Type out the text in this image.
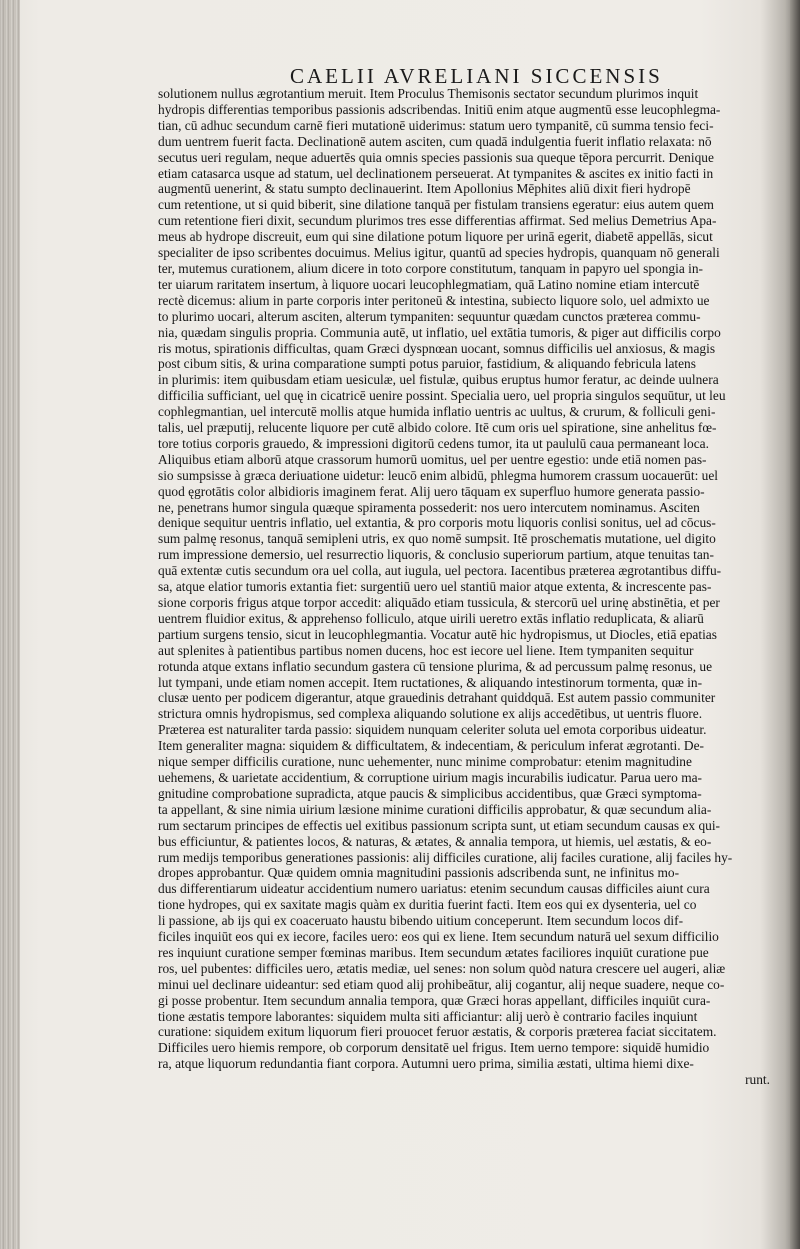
CAELII AVRELIANI SICCENSIS
solutionem nullus ægrotantium meruit. Item Proculus Themisonis sectator secundum plurimos inquit
hydropis differentias temporibus passionis adscribendas. Initiū enim atque augmentū esse leucophlegma-
tian, cū adhuc secundum carnē fieri mutationē uiderimus: statum uero tympanitē, cū summa tensio feci-
dum uentrem fuerit facta. Declinationē autem asciten, cum quadā indulgentia fuerit inflatio relaxata: nō
secutus ueri regulam, neque aduertēs quia omnis species passionis sua queque tēpora percurrit. Denique
etiam catasarca usque ad statum, uel declinationem perseuerat. At tympanites & ascites ex initio facti in
augmentū uenerint, & statu sumpto declinauerint. Item Apollonius Mēphites aliū dixit fieri hydropē
cum retentione, ut si quid biberit, sine dilatione tanquā per fistulam transiens egeratur: eius autem quem
cum retentione fieri dixit, secundum plurimos tres esse differentias affirmat. Sed melius Demetrius Apa-
meus ab hydrope discreuit, eum qui sine dilatione potum liquore per urinā egerit, diabetē appellās, sicut
specialiter de ipso scribentes docuimus. Melius igitur, quantū ad species hydropis, quanquam nō generali
ter, mutemus curationem, alium dicere in toto corpore constitutum, tanquam in papyro uel spongia in-
ter uiarum raritatem insertum, à liquore uocari leucophlegmatiam, quā Latino nomine etiam intercutē
rectè dicemus: alium in parte corporis inter peritoneū & intestina, subiecto liquore solo, uel admixto ue
to plurimo uocari, alterum asciten, alterum tympaniten: sequuntur quædam cunctos præterea commu-
nia, quædam singulis propria. Communia autē, ut inflatio, uel extātia tumoris, & piger aut difficilis corpo
ris motus, spirationis difficultas, quam Græci dyspnœan uocant, somnus difficilis uel anxiosus, & magis
post cibum sitis, & urina comparatione sumpti potus paruior, fastidium, & aliquando febricula latens
in plurimis: item quibusdam etiam uesiculæ, uel fistulæ, quibus eruptus humor feratur, ac deinde uulnera
difficilia sufficiant, uel quę in cicatricē uenire possint. Specialia uero, uel propria singulos sequūtur, ut leu
cophlegmantian, uel intercutē mollis atque humida inflatio uentris ac uultus, & crurum, & folliculi geni-
talis, uel præputij, relucente liquore per cutē albido colore. Itē cum oris uel spiratione, sine anhelitus fœ-
tore totius corporis grauedo, & impressioni digitorū cedens tumor, ita ut paululū caua permaneant loca.
Aliquibus etiam alborū atque crassorum humorū uomitus, uel per uentre egestio: unde etiā nomen pas-
sio sumpsisse à græca deriuatione uidetur: leucō enim albidū, phlegma humorem crassum uocauerūt: uel
quod ęgrotātis color albidioris imaginem ferat. Alij uero tāquam ex superfluo humore generata passio-
ne, penetrans humor singula quæque spiramenta possederit: nos uero intercutem nominamus. Asciten
denique sequitur uentris inflatio, uel extantia, & pro corporis motu liquoris conlisi sonitus, uel ad cōcus-
sum palmę resonus, tanquā semipleni utris, ex quo nomē sumpsit. Itē proschematis mutatione, uel digito
rum impressione demersio, uel resurrectio liquoris, & conclusio superiorum partium, atque tenuitas tan-
quā extentæ cutis secundum ora uel colla, aut iugula, uel pectora. Iacentibus præterea ægrotantibus diffu-
sa, atque elatior tumoris extantia fiet: surgentiū uero uel stantiū maior atque extenta, & increscente pas-
sione corporis frigus atque torpor accedit: aliquādo etiam tussicula, & stercorū uel urinę abstinētia, et per
uentrem fluidior exitus, & apprehenso folliculo, atque uirili ueretro extās inflatio reduplicata, & aliarū
partium surgens tensio, sicut in leucophlegmantia. Vocatur autē hic hydropismus, ut Diocles, etiā epatias
aut splenites à patientibus partibus nomen ducens, hoc est iecore uel liene. Item tympaniten sequitur
rotunda atque extans inflatio secundum gastera cū tensione plurima, & ad percussum palmę resonus, ue
lut tympani, unde etiam nomen accepit. Item ructationes, & aliquando intestinorum tormenta, quæ in-
clusæ uento per podicem digerantur, atque grauedinis detrahant quiddquā. Est autem passio communiter
strictura omnis hydropismus, sed complexa aliquando solutione ex alijs accedētibus, ut uentris fluore.
Præterea est naturaliter tarda passio: siquidem nunquam celeriter soluta uel emota corporibus uideatur.
Item generaliter magna: siquidem & difficultatem, & indecentiam, & periculum inferat ægrotanti. De-
nique semper difficilis curatione, nunc uehementer, nunc minime comprobatur: etenim magnitudine
uehemens, & uarietate accidentium, & corruptione uirium magis incurabilis iudicatur. Parua uero ma-
gnitudine comprobatione supradicta, atque paucis & simplicibus accidentibus, quæ Græci symptoma-
ta appellant, & sine nimia uirium læsione minime curationi difficilis approbatur, & quæ secundum alia-
rum sectarum principes de effectis uel exitibus passionum scripta sunt, ut etiam secundum causas ex qui-
bus efficiuntur, & patientes locos, & naturas, & ætates, & annalia tempora, ut hiemis, uel æstatis, & eo-
rum medijs temporibus generationes passionis: alij difficiles curatione, alij faciles curatione, alij faciles hy-
dropes approbantur. Quæ quidem omnia magnitudini passionis adscribenda sunt, ne infinitus mo-
dus differentiarum uideatur accidentium numero uariatus: etenim secundum causas difficiles aiunt cura
tione hydropes, qui ex saxitate magis quàm ex duritia fuerint facti. Item eos qui ex dysenteria, uel co
li passione, ab ijs qui ex coaceruato haustu bibendo uitium conceperunt. Item secundum locos dif-
ficiles inquiūt eos qui ex iecore, faciles uero: eos qui ex liene. Item secundum naturā uel sexum difficilio
res inquiunt curatione semper fœminas maribus. Item secundum ætates faciliores inquiūt curatione pue
ros, uel pubentes: difficiles uero, ætatis mediæ, uel senes: non solum quòd natura crescere uel augeri, aliæ
minui uel declinare uideantur: sed etiam quod alij prohibeātur, alij cogantur, alij neque suadere, neque co-
gi posse probentur. Item secundum annalia tempora, quæ Græci horas appellant, difficiles inquiūt cura-
tione æstatis tempore laborantes: siquidem multa siti afficiantur: alij uerò è contrario faciles inquiunt
curatione: siquidem exitum liquorum fieri prouocet feruor æstatis, & corporis præterea faciat siccitatem.
Difficiles uero hiemis rempore, ob corporum densitatē uel frigus. Item uerno tempore: siquidē humidio
ra, atque liquorum redundantia fiant corpora. Autumni uero prima, similia æstati, ultima hiemi dixe-
runt.
